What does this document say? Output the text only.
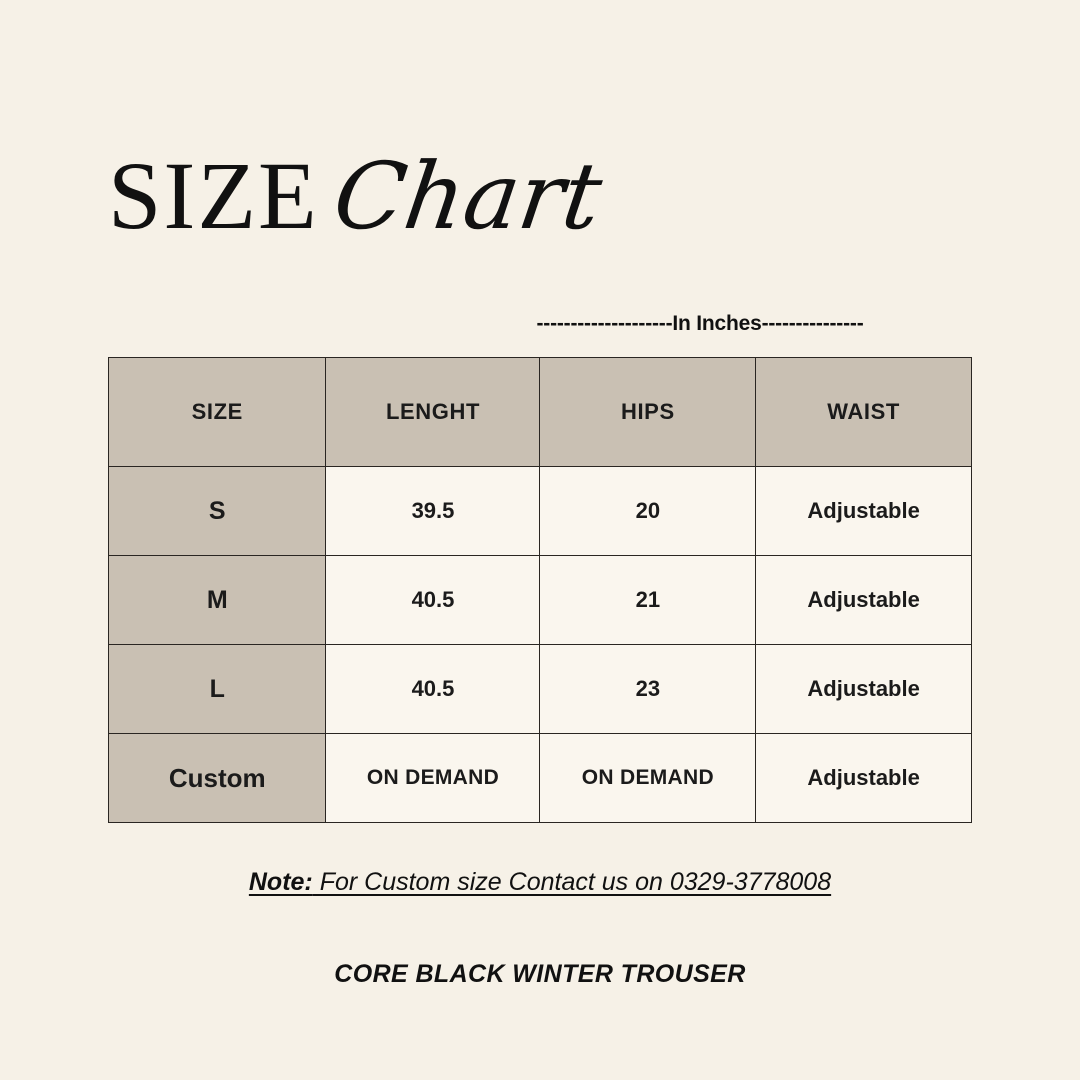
SIZE Chart
--------------------In Inches---------------
SIZE	LENGHT	HIPS	WAIST
S	39.5	20	Adjustable
M	40.5	21	Adjustable
L	40.5	23	Adjustable
Custom	ON DEMAND	ON DEMAND	Adjustable
Note: For Custom size Contact us on 0329-3778008
CORE BLACK WINTER TROUSER
